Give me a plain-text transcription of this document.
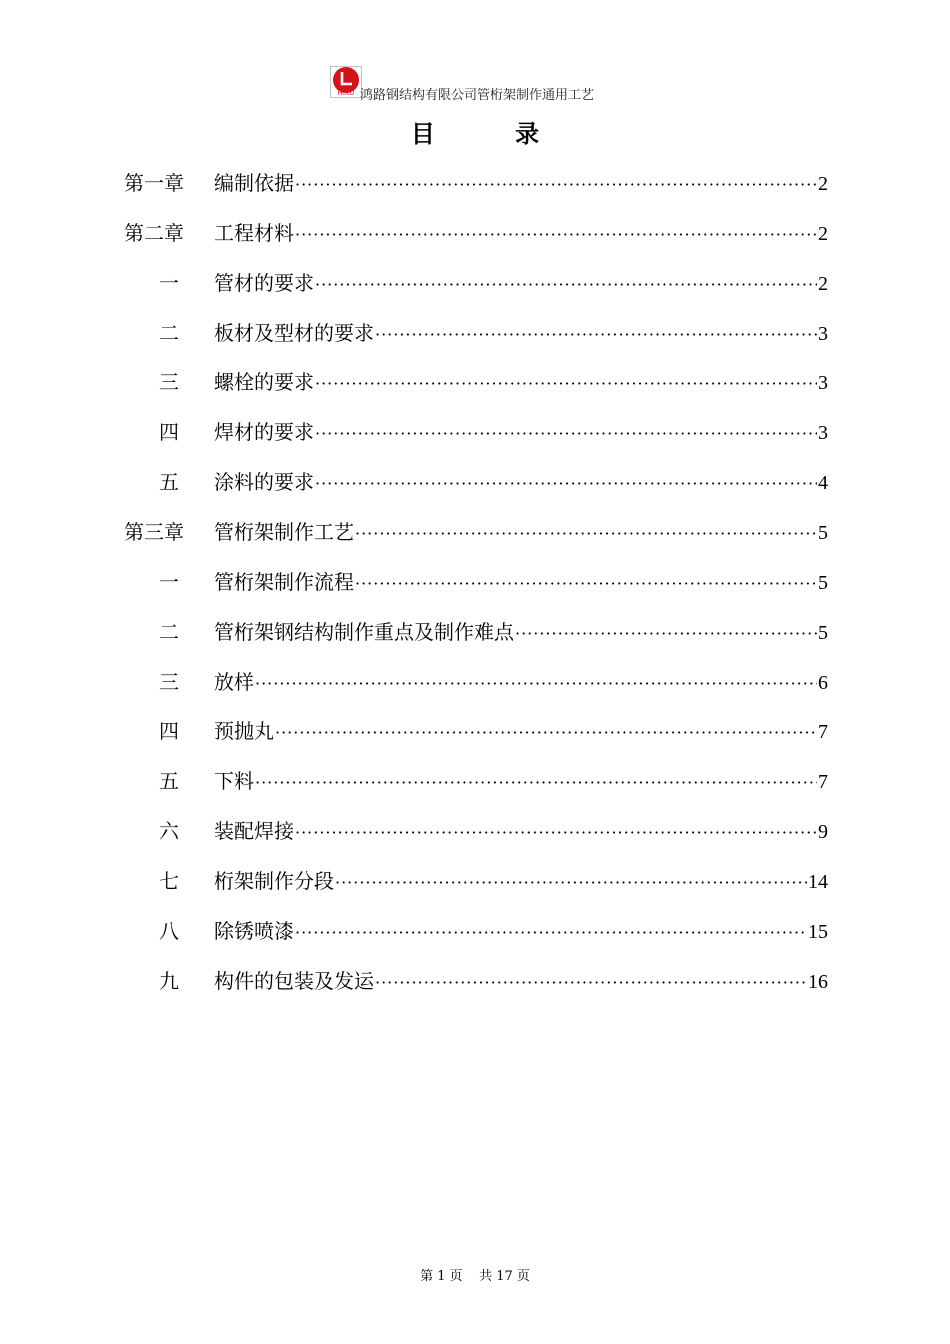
HOLU 鸿路钢结构有限公司管桁架制作通用工艺
目 录
第一章 编制依据 ·····	2
第二章 工程材料 ·····	2
一 管材的要求 ·····	2
二 板材及型材的要求 ·····	3
三 螺栓的要求 ·····	3
四 焊材的要求 ·····	3
五 涂料的要求 ·····	4
第三章 管桁架制作工艺 ·····	5
一 管桁架制作流程 ·····	5
二 管桁架钢结构制作重点及制作难点 ·····	5
三 放样 ·····	6
四 预抛丸 ·····	7
五 下料 ·····	7
六 装配焊接 ·····	9
七 桁架制作分段 ·····	14
八 除锈喷漆 ·····	15
九 构件的包装及发运 ·····	16
第 1 页    共 17 页
